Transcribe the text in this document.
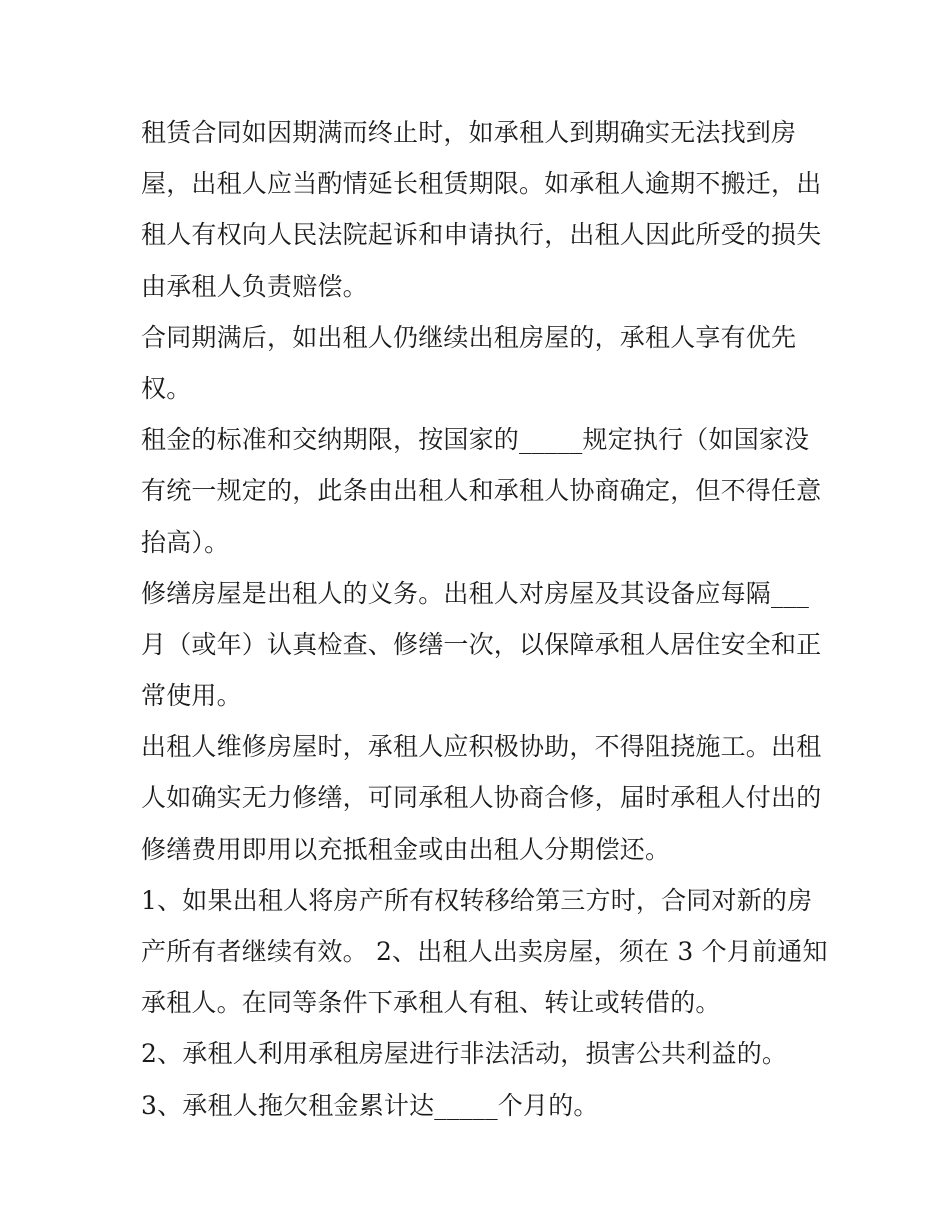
租赁合同如因期满而终止时，如承租人到期确实无法找到房
屋，出租人应当酌情延长租赁期限。如承租人逾期不搬迁，出
租人有权向人民法院起诉和申请执行，出租人因此所受的损失
由承租人负责赔偿。
合同期满后，如出租人仍继续出租房屋的，承租人享有优先
权。
租金的标准和交纳期限，按国家的_____规定执行（如国家没
有统一规定的，此条由出租人和承租人协商确定，但不得任意
抬高）。
修缮房屋是出租人的义务。出租人对房屋及其设备应每隔___
月（或年）认真检查、修缮一次，以保障承租人居住安全和正
常使用。
出租人维修房屋时，承租人应积极协助，不得阻挠施工。出租
人如确实无力修缮，可同承租人协商合修，届时承租人付出的
修缮费用即用以充抵租金或由出租人分期偿还。
1、如果出租人将房产所有权转移给第三方时，合同对新的房
产所有者继续有效。 2、出租人出卖房屋，须在 3 个月前通知
承租人。在同等条件下承租人有租、转让或转借的。
2、承租人利用承租房屋进行非法活动，损害公共利益的。
3、承租人拖欠租金累计达_____个月的。
